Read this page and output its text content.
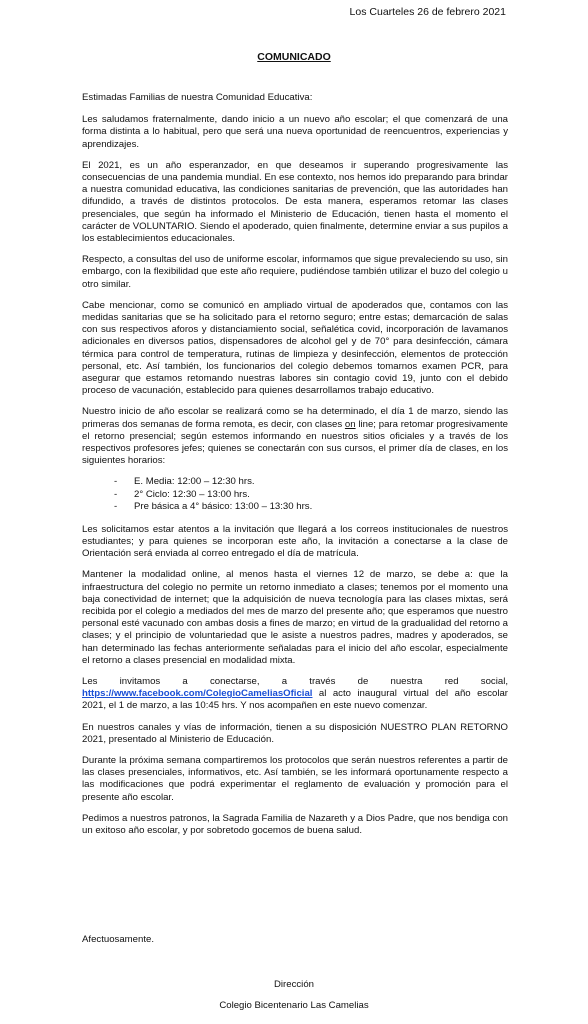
Los Cuarteles 26 de febrero 2021
COMUNICADO

Estimadas Familias de nuestra Comunidad Educativa:

Les saludamos fraternalmente, dando inicio a un nuevo año escolar; el que comenzará de una forma distinta a lo habitual, pero que será una nueva oportunidad de reencuentros, experiencias y aprendizajes.

El 2021, es un año esperanzador, en que deseamos ir superando progresivamente las consecuencias de una pandemia mundial. En ese contexto, nos hemos ido preparando para brindar a nuestra comunidad educativa, las condiciones sanitarias de prevención, que las autoridades han difundido, a través de distintos protocolos. De esta manera, esperamos retomar las clases presenciales, que según ha informado el Ministerio de Educación, tienen hasta el momento el carácter de VOLUNTARIO. Siendo el apoderado, quien finalmente, determine enviar a sus pupilos a los establecimientos educacionales.

Respecto, a consultas del uso de uniforme escolar, informamos que sigue prevaleciendo su uso, sin embargo, con la flexibilidad que este año requiere, pudiéndose también utilizar el buzo del colegio u otro similar.

Cabe mencionar, como se comunicó en ampliado virtual de apoderados que, contamos con las medidas sanitarias que se ha solicitado para el retorno seguro; entre estas; demarcación de salas con sus respectivos aforos y distanciamiento social, señalética covid, incorporación de lavamanos adicionales en diversos patios, dispensadores de alcohol gel y de 70° para desinfección, cámara térmica para control de temperatura, rutinas de limpieza y desinfección, elementos de protección personal, etc. Así también, los funcionarios del colegio debemos tomarnos examen PCR, para asegurar que estamos retomando nuestras labores sin contagio covid 19, junto con el debido proceso de vacunación, establecido para quienes desarrollamos trabajo educativo.

Nuestro inicio de año escolar se realizará como se ha determinado, el día 1 de marzo, siendo las primeras dos semanas de forma remota, es decir, con clases on line; para retomar progresivamente el retorno presencial; según estemos informando en nuestros sitios oficiales y a través de los respectivos profesores jefes; quienes se conectarán con sus cursos, el primer día de clases, en los siguientes horarios:

- E. Media: 12:00 – 12:30 hrs.
- 2° Ciclo: 12:30 – 13:00 hrs.
- Pre básica a 4° básico: 13:00 – 13:30 hrs.

Les solicitamos estar atentos a la invitación que llegará a los correos institucionales de nuestros estudiantes; y para quienes se incorporan este año, la invitación a conectarse a la clase de Orientación será enviada al correo entregado el día de matrícula.

Mantener la modalidad online, al menos hasta el viernes 12 de marzo, se debe a: que la infraestructura del colegio no permite un retorno inmediato a clases; tenemos por el momento una baja conectividad de internet; que la adquisición de nueva tecnología para las clases mixtas, será recibida por el colegio a mediados del mes de marzo del presente año; que esperamos que nuestro personal esté vacunado con ambas dosis a fines de marzo; en virtud de la gradualidad del retorno a clases; y el principio de voluntariedad que le asiste a nuestros padres, madres y apoderados, se han determinado las fechas anteriormente señaladas para el inicio del año escolar, especialmente el retorno a clases presencial en modalidad mixta.

Les invitamos a conectarse, a través de nuestra red social, https://www.facebook.com/ColegioCameliasOficial al acto inaugural virtual del año escolar 2021, el 1 de marzo, a las 10:45 hrs. Y nos acompañen en este nuevo comenzar.

En nuestros canales y vías de información, tienen a su disposición NUESTRO PLAN RETORNO 2021, presentado al Ministerio de Educación.

Durante la próxima semana compartiremos los protocolos que serán nuestros referentes a partir de las clases presenciales, informativos, etc. Así también, se les informará oportunamente respecto a las modificaciones que podrá experimentar el reglamento de evaluación y promoción para el presente año escolar.

Pedimos a nuestros patronos, la Sagrada Familia de Nazareth y a Dios Padre, que nos bendiga con un exitoso año escolar, y por sobretodo gocemos de buena salud.

Afectuosamente.
Dirección
Colegio Bicentenario Las Camelias
